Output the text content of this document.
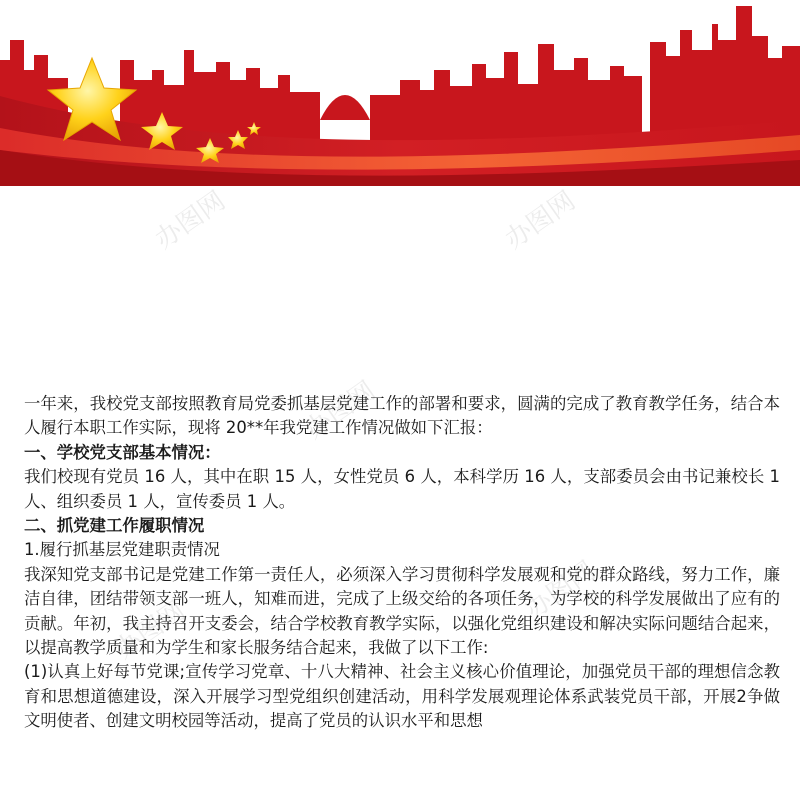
办图网	办图网
办图网
办图网
办图网

一年来，我校党支部按照教育局党委抓基层党建工作的部署和要求，圆满的完成了教育教学任务，结合本人履行本职工作实际，现将 20**年我党建工作情况做如下汇报：

一、学校党支部基本情况：

我们校现有党员 16 人，其中在职 15 人，女性党员 6 人，本科学历 16 人，支部委员会由书记兼校长 1 人、组织委员 1 人，宣传委员 1 人。

二、抓党建工作履职情况

1.履行抓基层党建职责情况

我深知党支部书记是党建工作第一责任人，必须深入学习贯彻科学发展观和党的群众路线，努力工作，廉洁自律，团结带领支部一班人，知难而进，完成了上级交给的各项任务，为学校的科学发展做出了应有的贡献。年初，我主持召开支委会，结合学校教育教学实际，以强化党组织建设和解决实际问题结合起来，以提高教学质量和为学生和家长服务结合起来，我做了以下工作:

(1)认真上好每节党课;宣传学习党章、十八大精神、社会主义核心价值理论，加强党员干部的理想信念教育和思想道德建设，深入开展学习型党组织创建活动，用科学发展观理论体系武装党员干部，开展2争做文明使者、创建文明校园等活动，提高了党员的认识水平和思想
